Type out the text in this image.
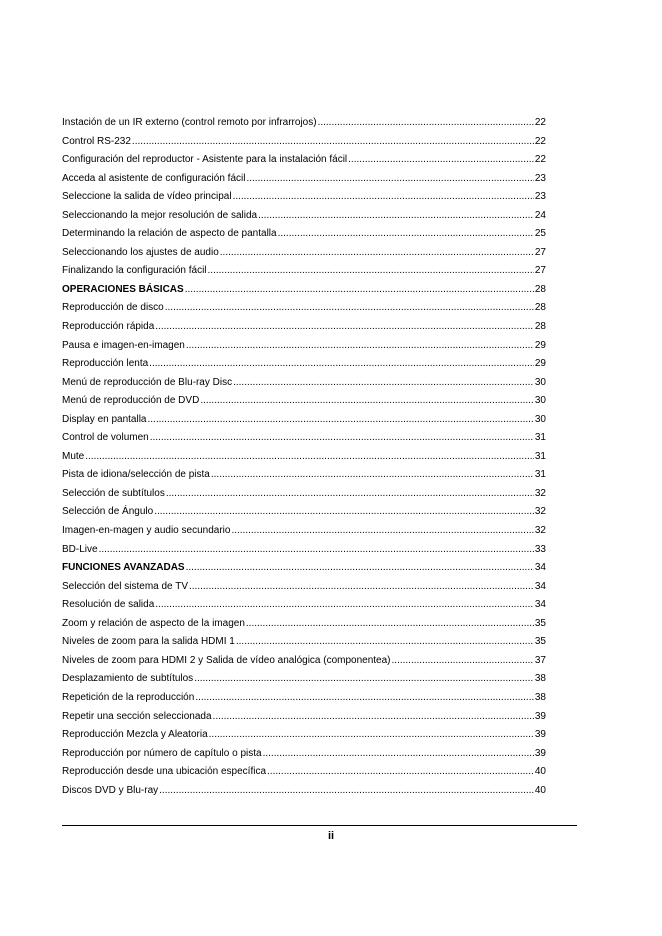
Instación de un IR externo (control remoto por infrarrojos) .....	22
Control RS-232 .....	22
Configuración del reproductor - Asistente para la instalación fácil .....	22
Acceda al asistente de configuración fácil .....	23
Seleccione la salida de vídeo principal .....	23
Seleccionando la mejor resolución de salida .....	24
Determinando la relación de aspecto de pantalla .....	25
Seleccionando los ajustes de audio .....	27
Finalizando la configuración fácil .....	27
OPERACIONES BÁSICAS .....	28
Reproducción de disco .....	28
Reproducción rápida .....	28
Pausa e imagen-en-imagen .....	29
Reproducción lenta .....	29
Menú de reproducción de Blu-ray Disc .....	30
Menú de reproducción de DVD .....	30
Display en pantalla .....	30
Control de volumen .....	31
Mute .....	31
Pista de idiona/selección de pista .....	31
Selección de subtítulos .....	32
Selección de Ángulo .....	32
Imagen-en-magen y audio secundario .....	32
BD-Live .....	33
FUNCIONES AVANZADAS .....	34
Selección del sistema de TV .....	34
Resolución de salida .....	34
Zoom y relación de aspecto de la imagen .....	35
Niveles de zoom para la salida HDMI 1 .....	35
Niveles de zoom para HDMI 2 y Salida de vídeo analógica (componentea) .....	37
Desplazamiento de subtítulos .....	38
Repetición de la reproducción .....	38
Repetir una sección seleccionada .....	39
Reproducción Mezcla y Aleatoria .....	39
Reproducción por número de capítulo o pista .....	39
Reproducción desde una ubicación específica .....	40
Discos DVD y Blu-ray .....	40
ii
